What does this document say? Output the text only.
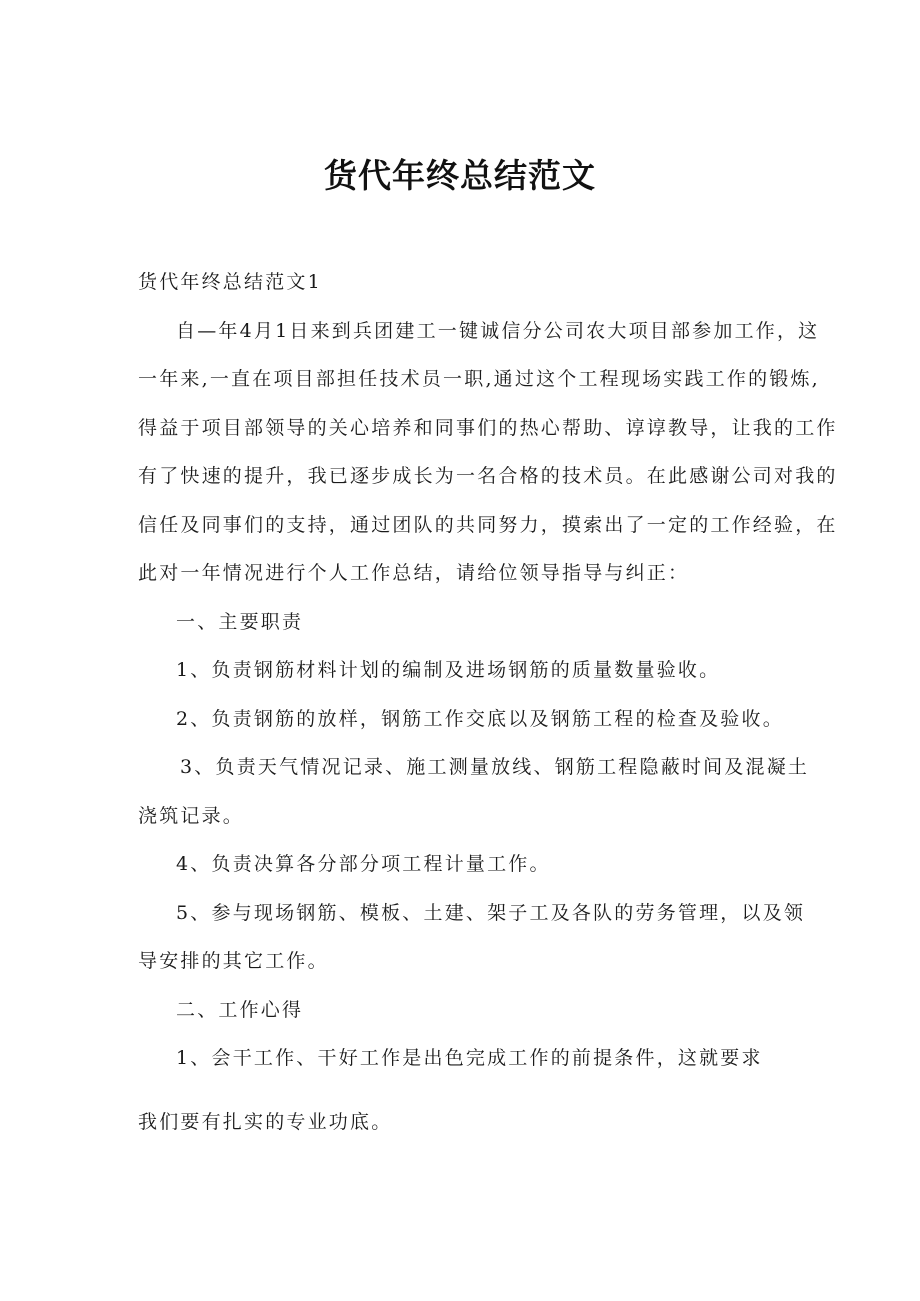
货代年终总结范文

货代年终总结范文1

自—年4月1日来到兵团建工一键诚信分公司农大项目部参加工作，这

一年来,一直在项目部担任技术员一职,通过这个工程现场实践工作的锻炼,

得益于项目部领导的关心培养和同事们的热心帮助、谆谆教导，让我的工作

有了快速的提升，我已逐步成长为一名合格的技术员。在此感谢公司对我的

信任及同事们的支持，通过团队的共同努力，摸索出了一定的工作经验，在

此对一年情况进行个人工作总结，请给位领导指导与纠正：

一、主要职责

1、负责钢筋材料计划的编制及进场钢筋的质量数量验收。

2、负责钢筋的放样，钢筋工作交底以及钢筋工程的检查及验收。

3、负责天气情况记录、施工测量放线、钢筋工程隐蔽时间及混凝土

浇筑记录。

4、负责决算各分部分项工程计量工作。

5、参与现场钢筋、模板、土建、架子工及各队的劳务管理，以及领

导安排的其它工作。

二、工作心得

1、会干工作、干好工作是出色完成工作的前提条件，这就要求

我们要有扎实的专业功底。
